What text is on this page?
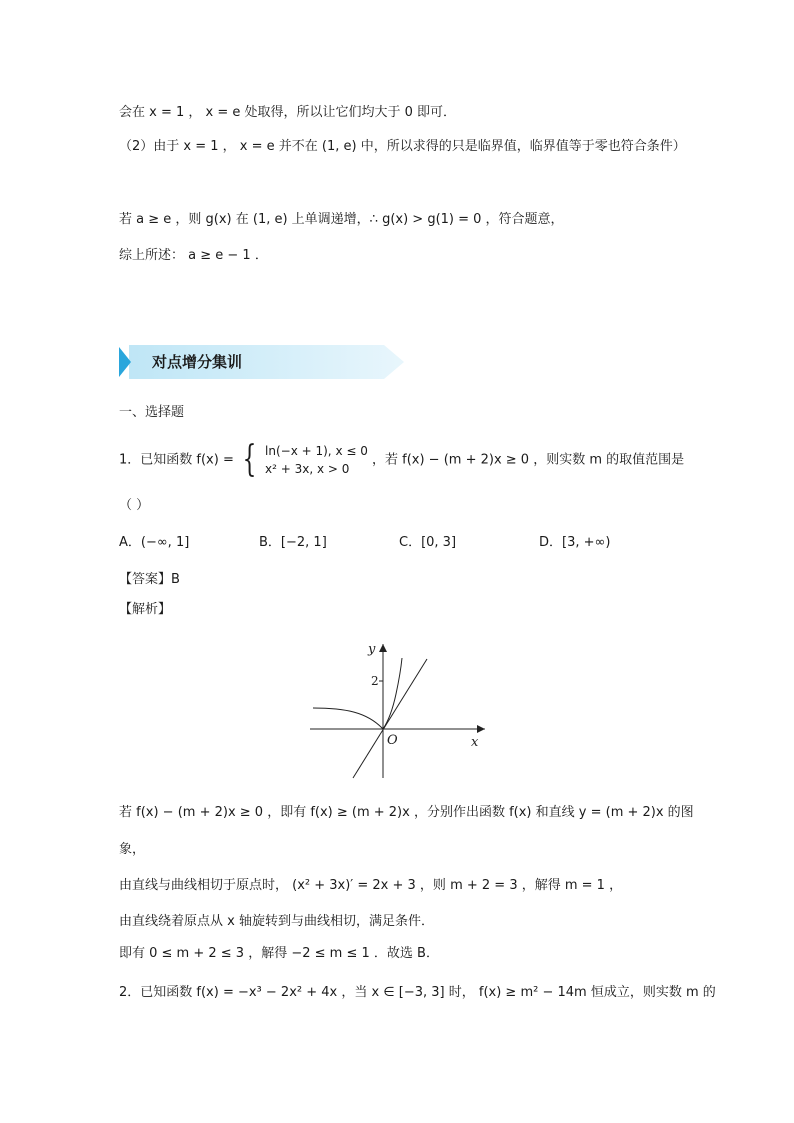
会在 x = 1 ， x = e 处取得，所以让它们均大于 0 即可．
（2）由于 x = 1 ， x = e 并不在 (1, e) 中，所以求得的只是临界值，临界值等于零也符合条件）
若 a ≥ e ，则 g(x) 在 (1, e) 上单调递增，∴ g(x) > g(1) = 0 ，符合题意，
综上所述： a ≥ e − 1 ．
对点增分集训
一、选择题
1．已知函数 f(x) = { ln(−x + 1), x ≤ 0
x² + 3x, x > 0
，若 f(x) − (m + 2)x ≥ 0 ，则实数 m 的取值范围是
（ ）
A．(−∞, 1]	B．[−2, 1]	C．[0, 3]	D．[3, +∞)
【答案】B
【解析】
y
2
O	x
若 f(x) − (m + 2)x ≥ 0 ，即有 f(x) ≥ (m + 2)x ，分别作出函数 f(x) 和直线 y = (m + 2)x 的图
象，
由直线与曲线相切于原点时， (x² + 3x)′ = 2x + 3 ，则 m + 2 = 3 ，解得 m = 1 ，
由直线绕着原点从 x 轴旋转到与曲线相切，满足条件．
即有 0 ≤ m + 2 ≤ 3 ，解得 −2 ≤ m ≤ 1 ．故选 B．
2．已知函数 f(x) = −x³ − 2x² + 4x ，当 x ∈ [−3, 3] 时， f(x) ≥ m² − 14m 恒成立，则实数 m 的
